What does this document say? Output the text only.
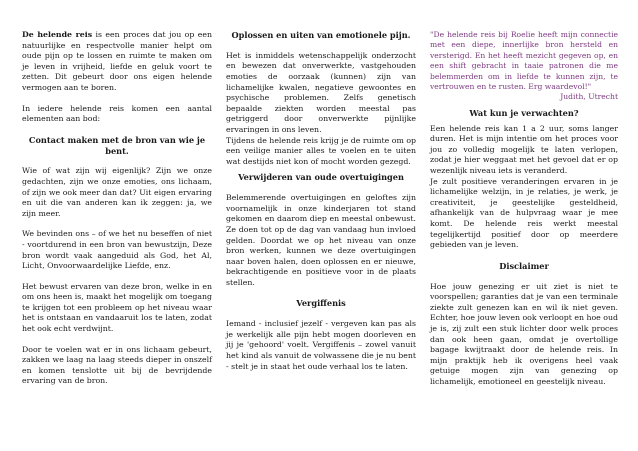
De helende reis is een proces dat jou op een natuurlijke en respectvolle manier helpt om oude pijn op te lossen en ruimte te maken om je leven in vrijheid, liefde en geluk voort te zetten. Dit gebeurt door ons eigen helende vermogen aan te boren.

In iedere helende reis komen een aantal elementen aan bod:

Contact maken met de bron van wie je bent.

Wie of wat zijn wij eigenlijk? Zijn we onze gedachten, zijn we onze emoties, ons lichaam, of zijn we ook meer dan dat? Uit eigen ervaring en uit die van anderen kan ik zeggen: ja, we zijn meer.

We bevinden ons – of we het nu beseffen of niet - voortdurend in een bron van bewustzijn, Deze bron wordt vaak aangeduid als God, het Al, Licht, Onvoorwaardelijke Liefde, enz.

Het bewust ervaren van deze bron, welke in en om ons heen is, maakt het mogelijk om toegang te krijgen tot een probleem op het niveau waar het is ontstaan en vandaaruit los te laten, zodat het ook echt verdwijnt.

Door te voelen wat er in ons lichaam gebeurt, zakken we laag na laag steeds dieper in onszelf en komen tenslotte uit bij de bevrijdende ervaring van de bron.

Oplossen en uiten van emotionele pijn.

Het is inmiddels wetenschappelijk onderzocht en bewezen dat onverwerkte, vastgehouden emoties de oorzaak (kunnen) zijn van lichamelijke kwalen, negatieve gewoontes en psychische problemen. Zelfs genetisch bepaalde ziekten worden meestal pas getriggerd door onverwerkte pijnlijke ervaringen in ons leven.

Tijdens de helende reis krijg je de ruimte om op een veilige manier alles te voelen en te uiten wat destijds niet kon of mocht worden gezegd.

Verwijderen van oude overtuigingen

Belemmerende overtuigingen en geloftes zijn voornamelijk in onze kinderjaren tot stand gekomen en daarom diep en meestal onbewust. Ze doen tot op de dag van vandaag hun invloed gelden. Doordat we op het niveau van onze bron werken, kunnen we deze overtuigingen naar boven halen, doen oplossen en er nieuwe, bekrachtigende en positieve voor in de plaats stellen.

Vergiffenis

Iemand - inclusief jezelf - vergeven kan pas als je werkelijk alle pijn hebt mogen doorleven en jij je 'gehoord' voelt. Vergiffenis – zowel vanuit het kind als vanuit de volwassene die je nu bent - stelt je in staat het oude verhaal los te laten.

"De helende reis bij Roelie heeft mijn connectie met een diepe, innerlijke bron hersteld en versterigd. En het heeft mezicht gegeven op, en een shift gebracht in taaie patronen die me belemmerden om in liefde te kunnen zijn, te vertrouwen en te rusten. Erg waardevol!"

Judith, Utrecht

Wat kun je verwachten?

Een helende reis kan 1 a 2 uur, soms langer duren. Het is mijn intentie om het proces voor jou zo volledig mogelijk te laten verlopen, zodat je hier weggaat met het gevoel dat er op wezenlijk niveau iets is veranderd.

Je zult positieve veranderingen ervaren in je lichamelijke welzijn, in je relaties, je werk, je creativiteit, je geestelijke gesteldheid, afhankelijk van de hulpvraag waar je mee komt. De helende reis werkt meestal tegelijkertijd positief door op meerdere gebieden van je leven.

Disclaimer

Hoe jouw genezing er uit ziet is niet te voorspellen; garanties dat je van een terminale ziekte zult genezen kan en wil ik niet geven. Echter, hoe jouw leven ook verloopt en hoe oud je is, zij zult een stuk lichter door welk proces dan ook heen gaan, omdat je overtollige bagage kwijtraakt door de helende reis. In mijn praktijk heb ik overigens heel vaak getuige mogen zijn van genezing op lichamelijk, emotioneel en geestelijk niveau.
